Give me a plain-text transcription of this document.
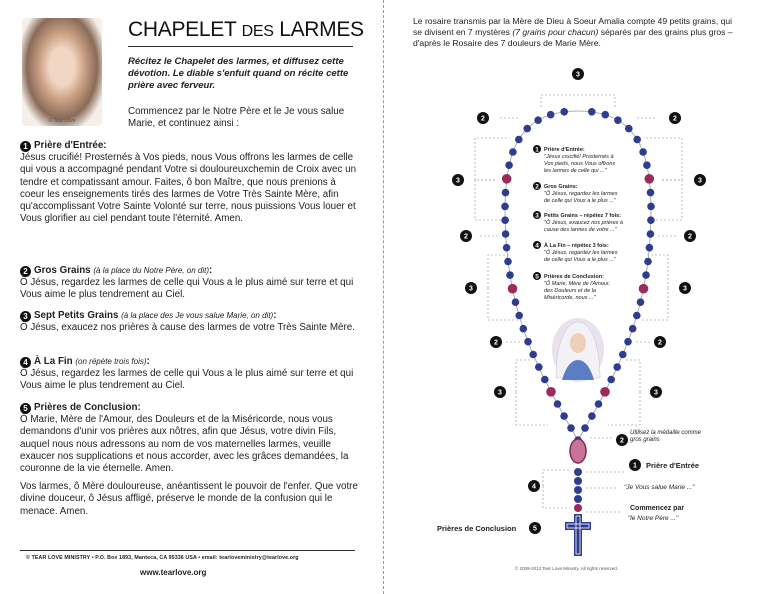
© Tear Love
CHAPELET DES LARMES
Récitez le Chapelet des larmes, et diffusez cette dévotion. Le diable s'enfuit quand on récite cette prière avec ferveur.
Commencez par le Notre Père et le Je vous salue Marie, et continuez ainsi :
1 Prière d'Entrée:
Jésus crucifié! Prosternés à Vos pieds, nous Vous offrons les larmes de celle qui vous a accompagné pendant Votre si douloureuxchemin de Croix avec un tendre et compatissant amour. Faites, ô bon Maître, que nous prenions à coeur les enseignements tirés des larmes de Votre Très Sainte Mère, afin qu'accomplissant Votre Sainte Volonté sur terre, nous puissions Vous louer et Vous glorifier au ciel pendant toute l'éternité. Amen.
2 Gros Grains (à la place du Notre Père, on dit):
Ô Jésus, regardez les larmes de celle qui Vous a le plus aimé sur terre et qui Vous aime le plus tendrement au Ciel.
3 Sept Petits Grains (à la place des Je vous salue Marie, on dit):
Ô Jésus, exaucez nos prières à cause des larmes de votre Très Sainte Mère.
4 À La Fin (on répète trois fois):
Ô Jésus, regardez les larmes de celle qui Vous a le plus aimé sur terre et qui Vous aime le plus tendrement au Ciel.
5 Prières de Conclusion:
Ô Marie, Mère de l'Amour, des Douleurs et de la Miséricorde, nous vous demandons d'unir vos prières aux nôtres, afin que Jésus, votre divin Fils, auquel nous nous adressons au nom de vos maternelles larmes, veuille exaucer nos supplications et nous accorder, avec les grâces demandées, la couronne de la vie éternelle. Amen.
Vos larmes, ô Mère douloureuse, anéantissent le pouvoir de l'enfer. Que votre divine douceur, ô Jésus affligé, préserve le monde de la confusion qui le menace. Amen.
© TEAR LOVE MINISTRY • P.O. Box 1893, Manteca, CA 95336 USA • email: tearloveministry@tearlove.org
www.tearlove.org
Le rosaire transmis par la Mère de Dieu à Soeur Amalia compte 49 petits grains, qui se divisent en 7 mystères (7 grains pour chacun) séparés par des grains plus gros –d'après le Rosaire des 7 douleurs de Marie Mère.
3
2	2
3	3
2	2
3	3
2	2
3	3
2
1
4
5
1
2
3
4
5
Prière d'Entrée:
"Jésus crucifié! Prosternés à
Vos pieds, nous Vous offrons
les larmes de celle qui ..."
Gros Grains:
"Ô Jésus, regardez les larmes
de celle qui Vous a le plus ..."
Petits Grains – répétez 7 fois:
"Ô Jésus, exaucez nos prières à
cause des larmes de votre ..."
À La Fin – répétez 3 fois:
"Ô Jésus, regardez les larmes
de celle qui Vous a le plus ..."
Prières de Conclusion:
"Ô Marie, Mère de l'Amour,
des Douleurs et de la
Miséricorde, nous ..."
Utilisez la médaille comme
gros grains
Prière d'Entrée
"Je Vous salue Marie ..."
Commencez par
"le Notre Père ..."
Prières de Conclusion
© 2009-2012 Tear Love Ministry. All rights reserved.
